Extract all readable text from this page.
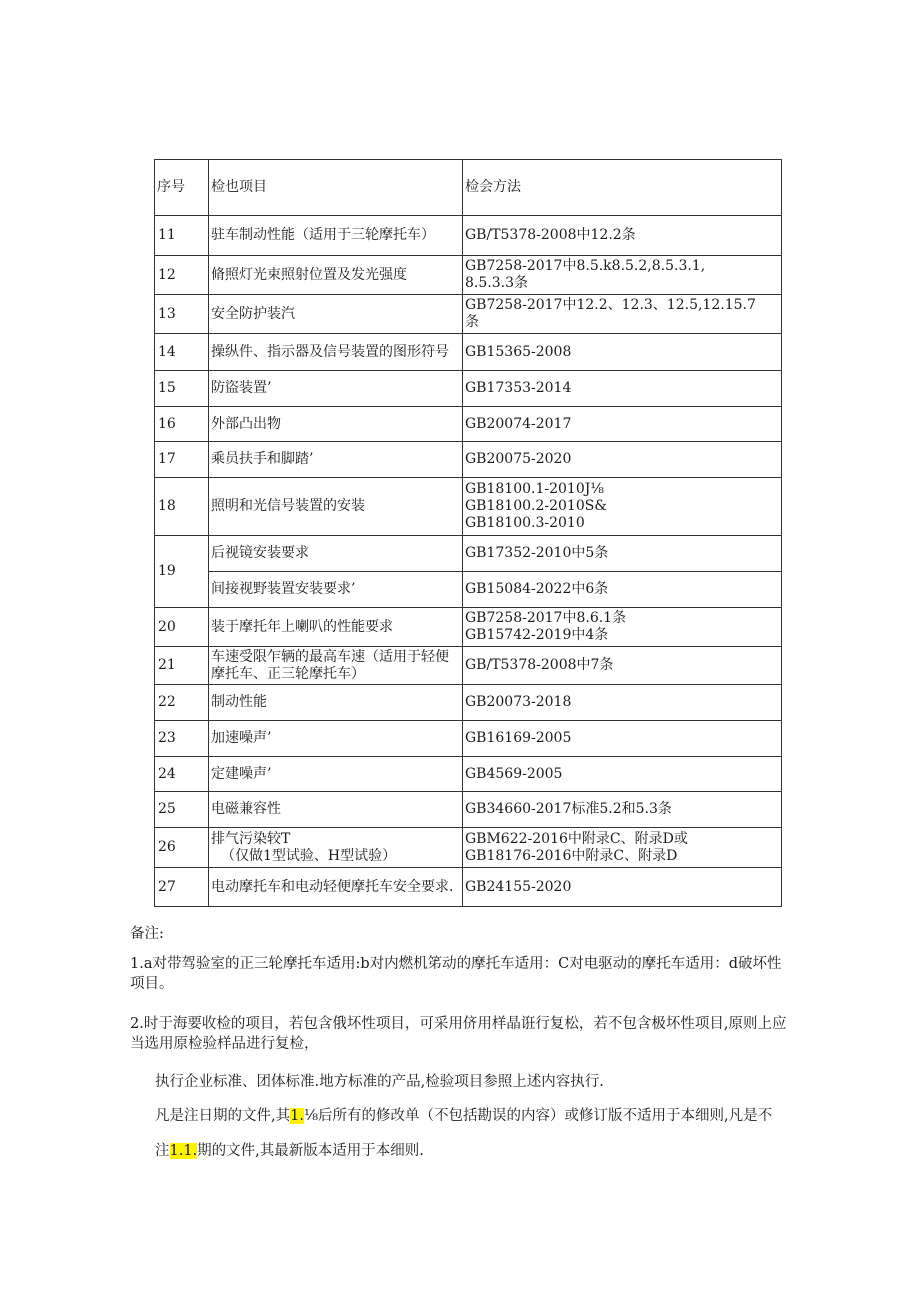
序号	检也项目	检会方法
11	驻车制动性能（适用于三轮摩托车）	GB/T5378-2008中12.2条

12	脩照灯光束照射位置及发光强度	GB7258-2017中8.5.k8.5.2,8.5.3.1,
8.5.3.3条

13	安全防护装汽	GB7258-2017中12.2、12.3、12.5,12.15.7
条

14	操纵件、指示器及信号装置的图形符号	GB15365-2008

15	防盜装置’	GB17353-2014

16	外部凸出物	GB20074-2017

17	乘员扶手和脚踏’	GB20075-2020

18	照明和光信号装置的安装	GB18100.1-2010J⅛
GB18100.2-2010S&
GB18100.3-2010

19	后视镜安装要求	GB17352-2010中5条

	间接视野装置安装要求’	GB15084-2022中6条

20	装于摩托年上喇叭的性能要求	GB7258-2017中8.6.1条
GB15742-2019中4条

21	车速受限乍辆的最高车速（适用于轻便摩托车、正三轮摩托车）	GB/T5378-2008中7条

22	制动性能	GB20073-2018

23	加速噪声’	GB16169-2005

24	定建噪声’	GB4569-2005

25	电磁兼容性	GB34660-2017标准5.2和5.3条

26	排气污染较T
（仅做1型试验、H型试验）	GBM622-2016中附录C、附录D或
GB18176-2016中附录C、附录D

27	电动摩托车和电动轻便摩托车安全要求.	GB24155-2020
备注:
1.a对带驾验室的正三轮摩托车适用:b对内燃机笫动的摩托车适用：C对电驱动的摩托车适用：d破坏性项目。
2.时于海要收检的项目，若包含俄坏性项目，可采用侪用样晶诳行复松，若不包含极坏性项目,原则上应当选用原检验样品进行复检，
执行企业标准、团体标准.地方标准的产品,检验项目参照上述内容执行.
凡是注日期的文件,其1.⅛后所有的修改单（不包括勘误的内容）或修订版不适用于本细则,凡是不
注1.1.期的文件,其最新版本适用于本细则.
